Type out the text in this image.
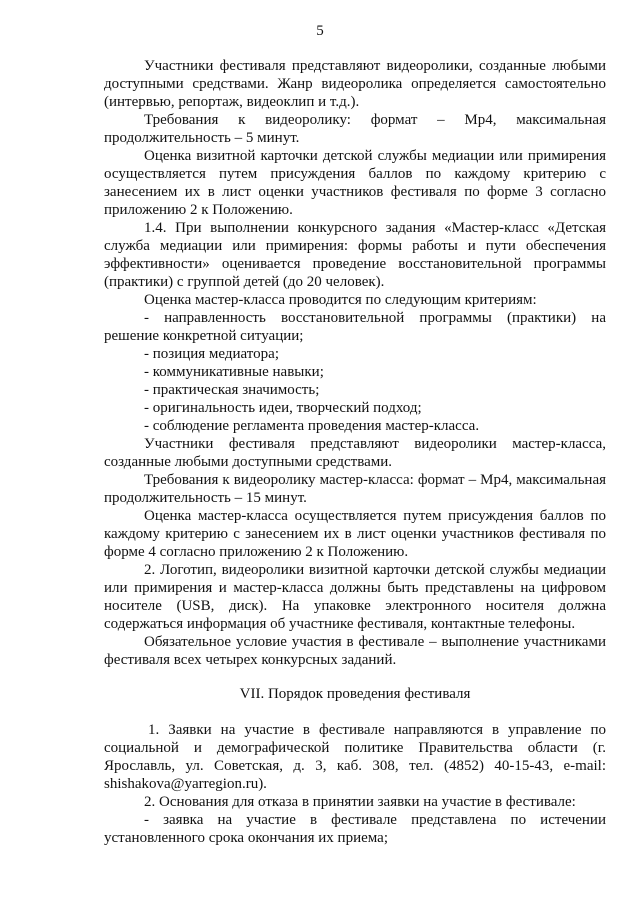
5

Участники фестиваля представляют видеоролики, созданные любыми доступными средствами. Жанр видеоролика определяется самостоятельно (интервью, репортаж, видеоклип и т.д.).

Требования к видеоролику: формат – Мр4, максимальная продолжительность – 5 минут.

Оценка визитной карточки детской службы медиации или примирения осуществляется путем присуждения баллов по каждому критерию с занесением их в лист оценки участников фестиваля по форме 3 согласно приложению 2 к Положению.

1.4. При выполнении конкурсного задания «Мастер-класс «Детская служба медиации или примирения: формы работы и пути обеспечения эффективности» оценивается проведение восстановительной программы (практики) с группой детей (до 20 человек).

Оценка мастер-класса проводится по следующим критериям:

- направленность восстановительной программы (практики) на решение конкретной ситуации;

- позиция медиатора;

- коммуникативные навыки;

- практическая значимость;

- оригинальность идеи, творческий подход;

- соблюдение регламента проведения мастер-класса.

Участники фестиваля представляют видеоролики мастер-класса, созданные любыми доступными средствами.

Требования к видеоролику мастер-класса: формат – Мр4, максимальная продолжительность – 15 минут.

Оценка мастер-класса осуществляется путем присуждения баллов по каждому критерию с занесением их в лист оценки участников фестиваля по форме 4 согласно приложению 2 к Положению.

2. Логотип, видеоролики визитной карточки детской службы медиации или примирения и мастер-класса должны быть представлены на цифровом носителе (USB, диск). На упаковке электронного носителя должна содержаться информация об участнике фестиваля, контактные телефоны.

Обязательное условие участия в фестивале – выполнение участниками фестиваля всех четырех конкурсных заданий.

VII. Порядок проведения фестиваля

1. Заявки на участие в фестивале направляются в управление по социальной и демографической политике Правительства области (г. Ярославль, ул. Советская, д. 3, каб. 308, тел. (4852) 40-15-43, e-mail: shishakova@yarregion.ru).

2. Основания для отказа в принятии заявки на участие в фестивале:

- заявка на участие в фестивале представлена по истечении установленного срока окончания их приема;
